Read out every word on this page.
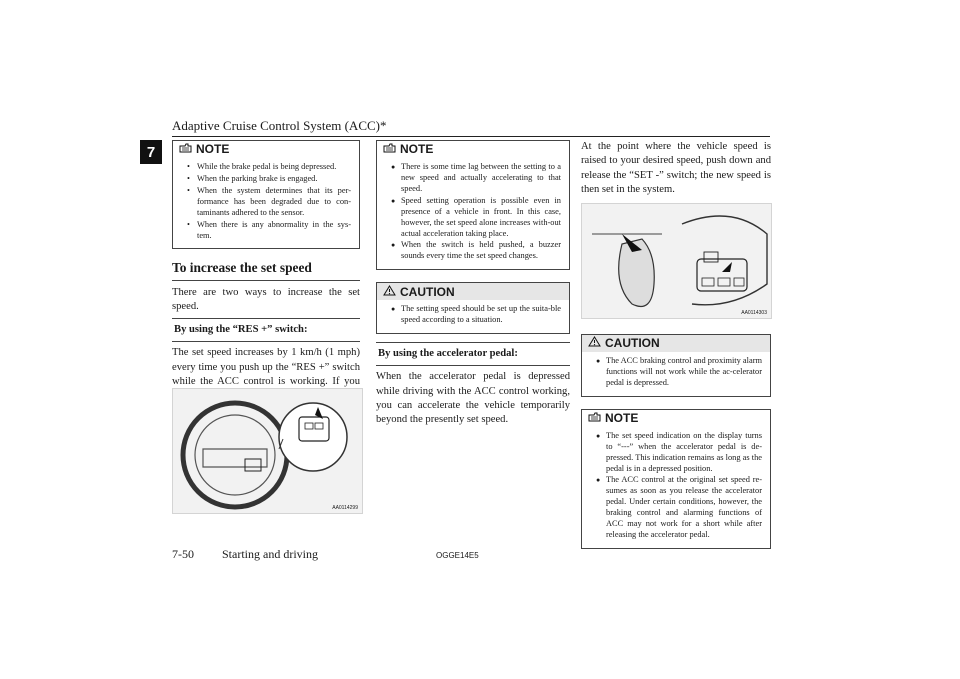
Adaptive Cruise Control System (ACC)*
7	NOTE
• While the brake pedal is being depressed.
• When the parking brake is engaged.
• When the system determines that its per-formance has been degraded due to con-taminants adhered to the sensor.
• When there is any abnormality in the sys-tem.
To increase the set speed
There are two ways to increase the set speed.
By using the “RES +” switch:
The set speed increases by 1 km/h (1 mph) every time you push up the “RES +” switch while the ACC control is working. If you
AA0114299
NOTE
● There is some time lag between the setting to a new speed and actually accelerating to that speed.
● Speed setting operation is possible even in presence of a vehicle in front. In this case, however, the set speed alone increases with-out actual acceleration taking place.
● When the switch is held pushed, a buzzer sounds every time the set speed changes.
CAUTION
● The setting speed should be set up the suita-ble speed according to a situation.
By using the accelerator pedal:
When the accelerator pedal is depressed while driving with the ACC control working, you can accelerate the vehicle temporarily beyond the presently set speed.
At the point where the vehicle speed is raised to your desired speed, push down and release the “SET -” switch; the new speed is then set in the system.
AA0114303
CAUTION
● The ACC braking control and proximity alarm functions will not work while the ac-celerator pedal is depressed.
NOTE
● The set speed indication on the display turns to “---” when the accelerator pedal is de-pressed. This indication remains as long as the pedal is in a depressed position.
● The ACC control at the original set speed re-sumes as soon as you release the accelerator pedal. Under certain conditions, however, the braking control and alarming functions of ACC may not work for a short while after releasing the accelerator pedal.
7-50 Starting and driving	OGGE14E5
